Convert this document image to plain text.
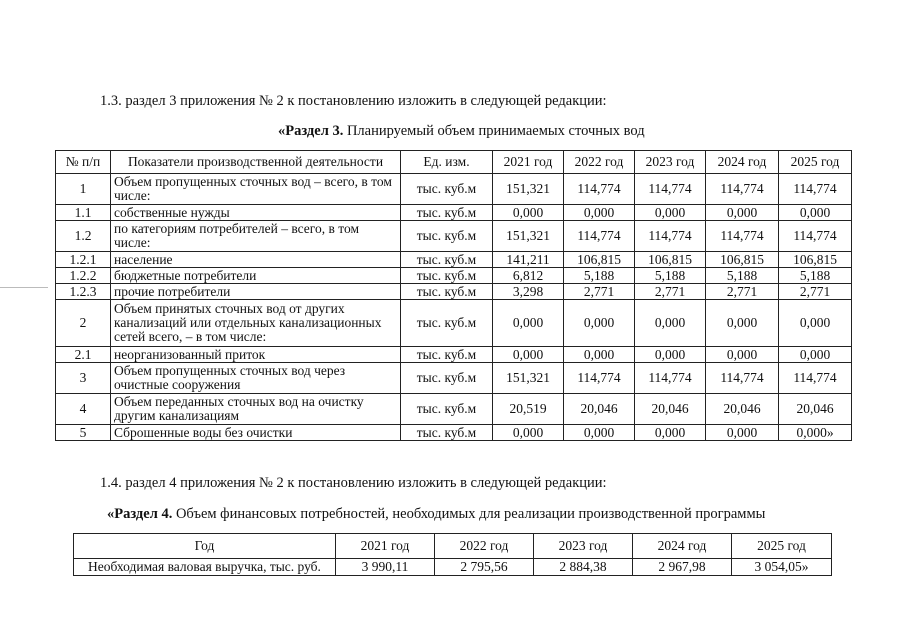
1.3. раздел 3 приложения № 2 к постановлению изложить в следующей редакции:
«Раздел 3. Планируемый объем принимаемых сточных вод
№ п/п	Показатели производственной деятельности	Ед. изм.	2021 год	2022 год	2023 год	2024 год	2025 год
1	Объем пропущенных сточных вод – всего, в том числе:	тыс. куб.м	151,321	114,774	114,774	114,774	114,774
1.1	собственные нужды	тыс. куб.м	0,000	0,000	0,000	0,000	0,000
1.2	по категориям потребителей – всего, в том числе:	тыс. куб.м	151,321	114,774	114,774	114,774	114,774
1.2.1	население	тыс. куб.м	141,211	106,815	106,815	106,815	106,815
1.2.2	бюджетные потребители	тыс. куб.м	6,812	5,188	5,188	5,188	5,188
1.2.3	прочие потребители	тыс. куб.м	3,298	2,771	2,771	2,771	2,771
2	Объем принятых сточных вод от других канализаций или отдельных канализационных сетей всего, – в том числе:	тыс. куб.м	0,000	0,000	0,000	0,000	0,000
2.1	неорганизованный приток	тыс. куб.м	0,000	0,000	0,000	0,000	0,000
3	Объем пропущенных сточных вод через очистные сооружения	тыс. куб.м	151,321	114,774	114,774	114,774	114,774
4	Объем переданных сточных вод на очистку другим канализациям	тыс. куб.м	20,519	20,046	20,046	20,046	20,046
5	Сброшенные воды без очистки	тыс. куб.м	0,000	0,000	0,000	0,000	0,000»
1.4. раздел 4 приложения № 2 к постановлению изложить в следующей редакции:
«Раздел 4. Объем финансовых потребностей, необходимых для реализации производственной программы
Год	2021 год	2022 год	2023 год	2024 год	2025 год
Необходимая валовая выручка, тыс. руб.	3 990,11	2 795,56	2 884,38	2 967,98	3 054,05»
